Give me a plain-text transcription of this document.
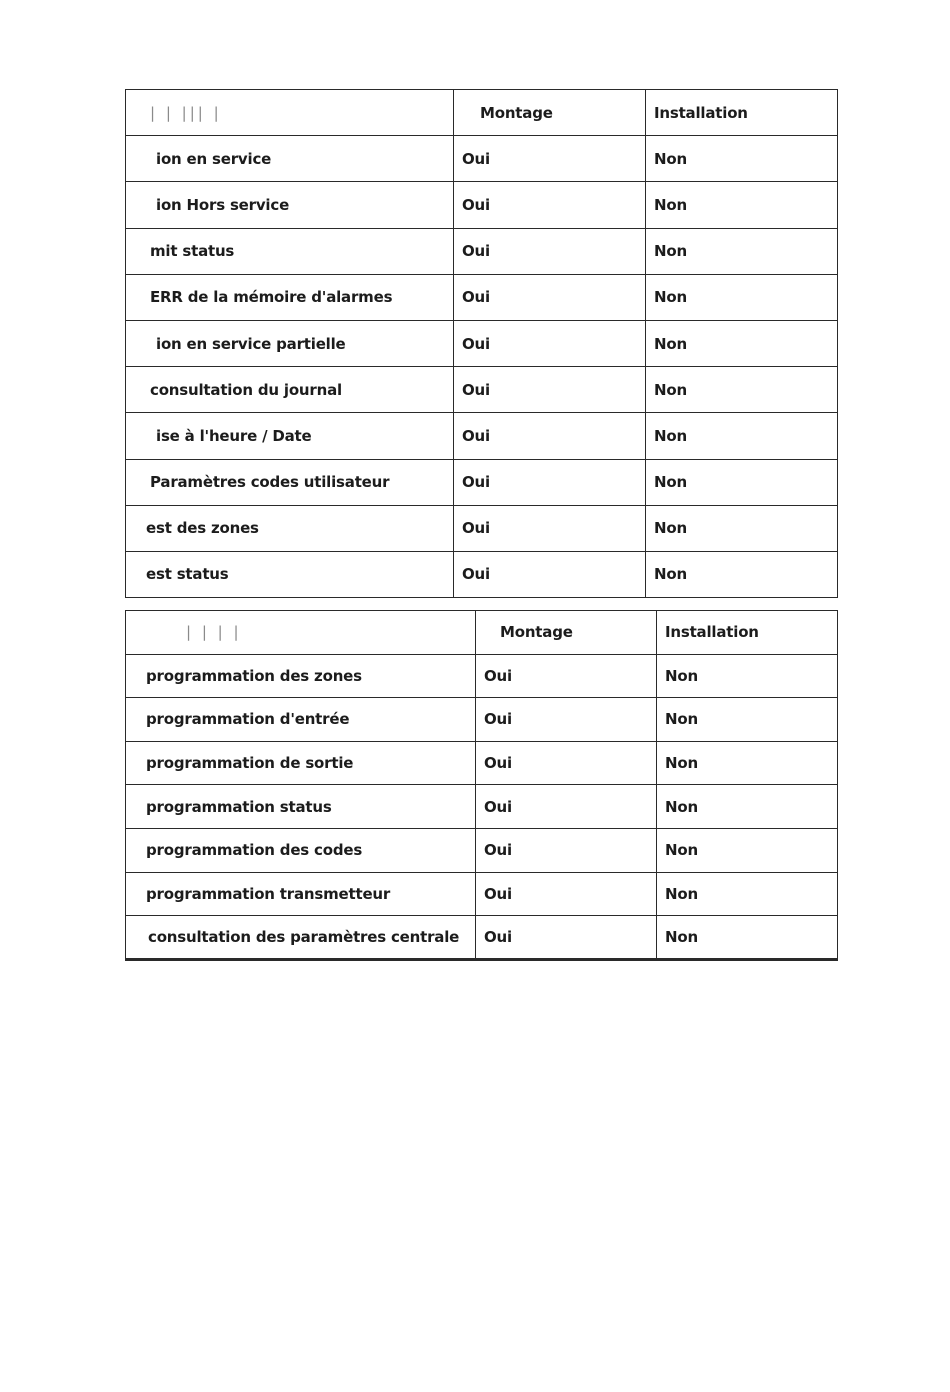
| | ||| |	Montage	Installation
ion en service	Oui	Non
ion Hors service	Oui	Non
mit status	Oui	Non
ERR de la mémoire d'alarmes	Oui	Non
ion en service partielle	Oui	Non
consultation du journal	Oui	Non
ise à l'heure / Date	Oui	Non
Paramètres codes utilisateur	Oui	Non
est des zones	Oui	Non
est status	Oui	Non
| | | |	Montage	Installation
programmation des zones	Oui	Non
programmation d'entrée	Oui	Non
programmation de sortie	Oui	Non
programmation status	Oui	Non
programmation des codes	Oui	Non
programmation transmetteur	Oui	Non
consultation des paramètres centrale	Oui	Non
